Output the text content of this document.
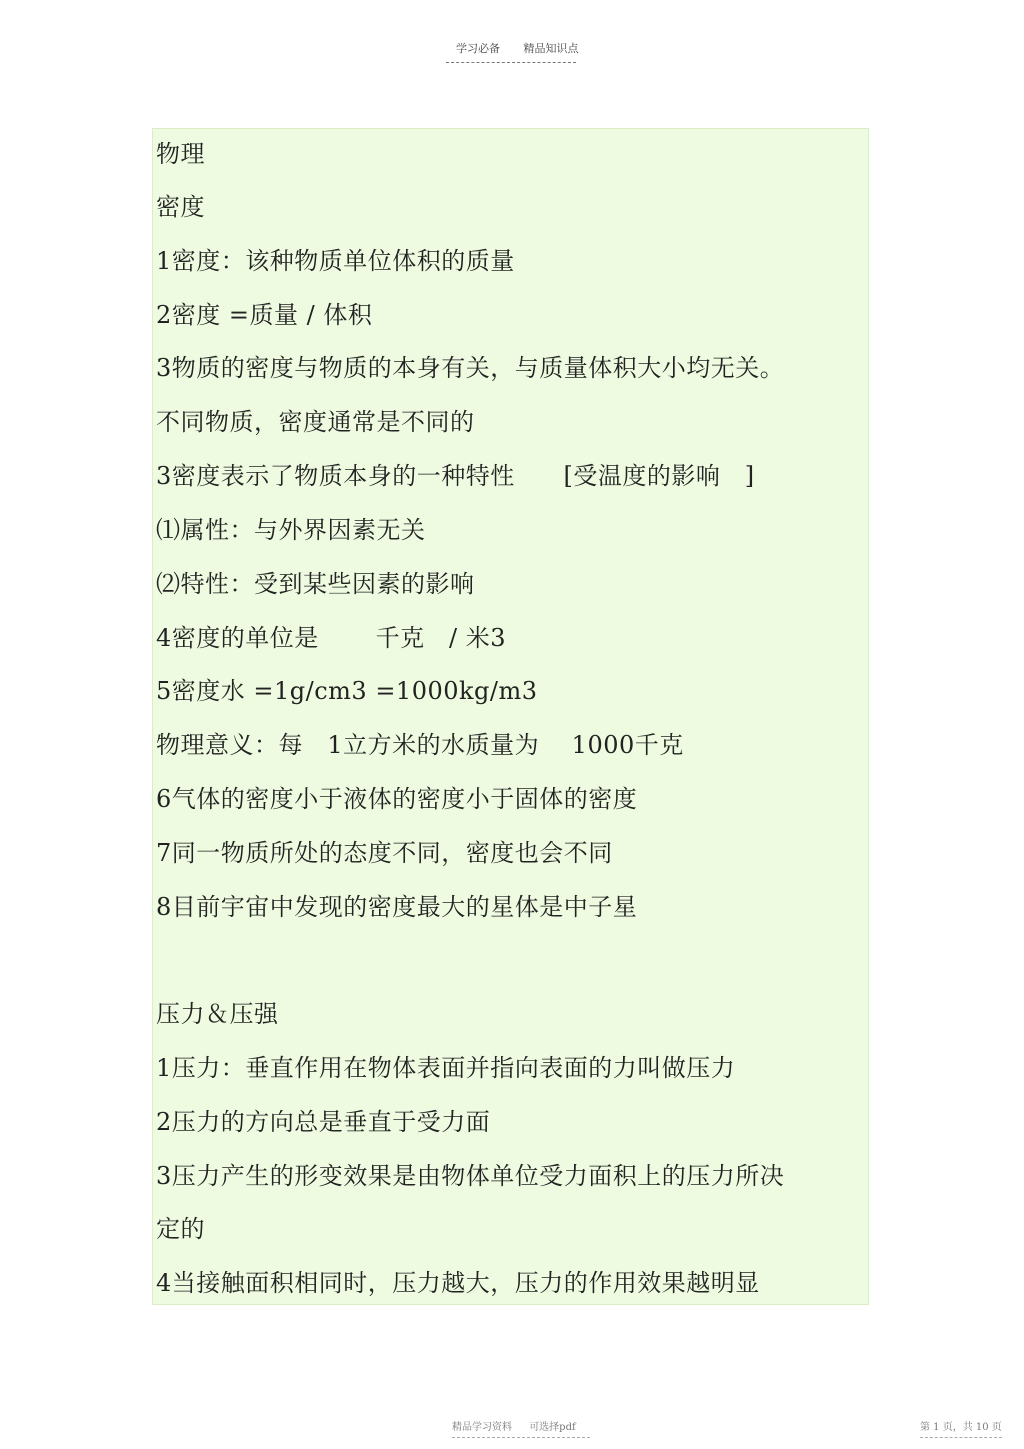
学习必备 精品知识点
物理
密度
1密度：该种物质单位体积的质量
2密度 =质量 / 体积
3物质的密度与物质的本身有关，与质量体积大小均无关。
不同物质，密度通常是不同的
3密度表示了物质本身的一种特性      [受温度的影响   ]
⑴属性：与外界因素无关
⑵特性：受到某些因素的影响
4密度的单位是       千克   / 米3
5密度水 =1g/cm3 =1000kg/m3
物理意义：每   1立方米的水质量为    1000千克
6气体的密度小于液体的密度小于固体的密度
7同一物质所处的态度不同，密度也会不同
8目前宇宙中发现的密度最大的星体是中子星
压力＆压强
1压力：垂直作用在物体表面并指向表面的力叫做压力
2压力的方向总是垂直于受力面
3压力产生的形变效果是由物体单位受力面积上的压力所决
定的
4当接触面积相同时，压力越大，压力的作用效果越明显
精品学习资料 可选择pdf	第 1 页，共 10 页
